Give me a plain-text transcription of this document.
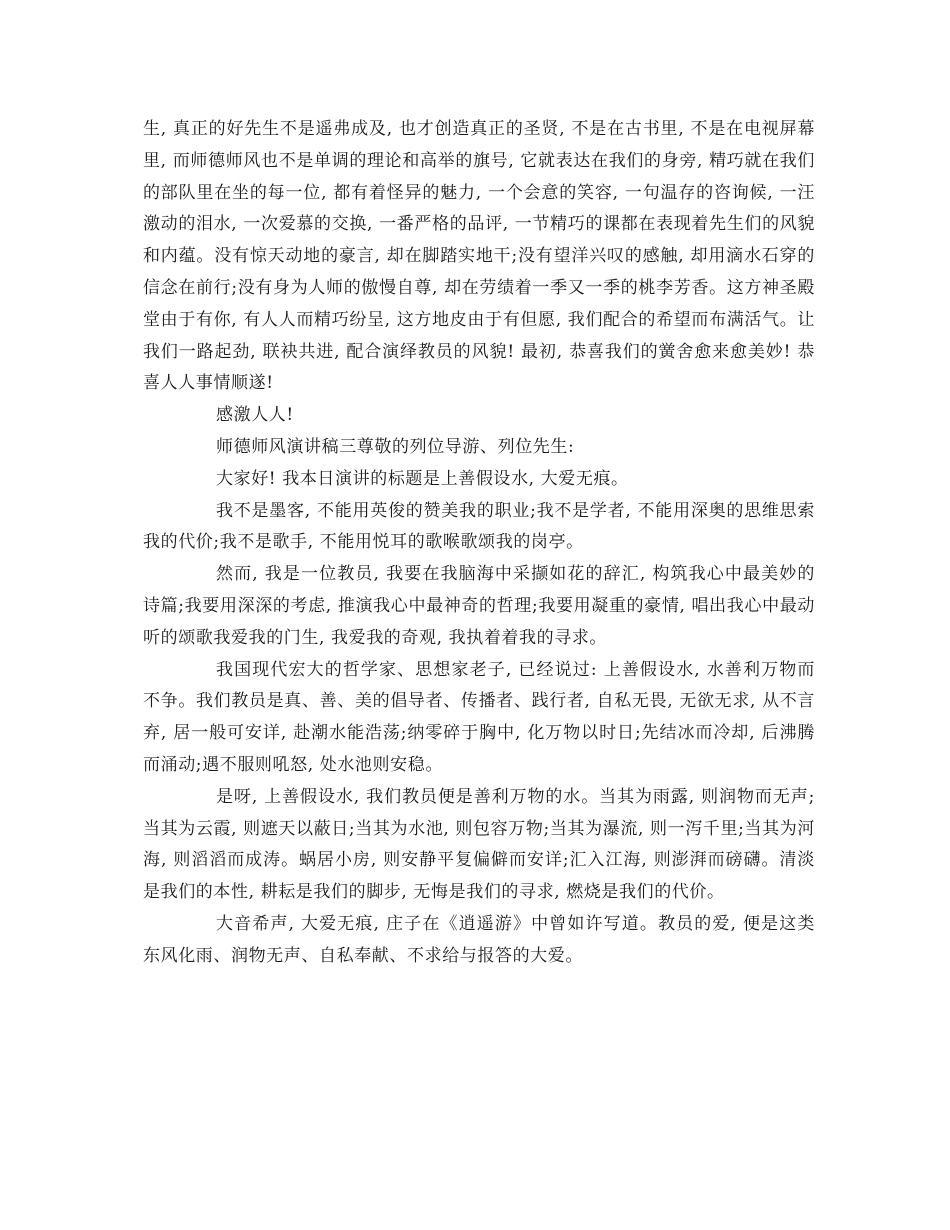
生, 真正的好先生不是遥弗成及, 也才创造真正的圣贤, 不是在古书里, 不是在电视屏幕里, 而师德师风也不是单调的理论和高举的旗号, 它就表达在我们的身旁, 精巧就在我们的部队里在坐的每一位, 都有着怪异的魅力, 一个会意的笑容, 一句温存的咨询候, 一汪激动的泪水, 一次爱慕的交换, 一番严格的品评, 一节精巧的课都在表现着先生们的风貌和内蕴。没有惊天动地的豪言, 却在脚踏实地干;没有望洋兴叹的感触, 却用滴水石穿的信念在前行;没有身为人师的傲慢自尊, 却在劳绩着一季又一季的桃李芳香。这方神圣殿堂由于有你, 有人人而精巧纷呈, 这方地皮由于有但愿, 我们配合的希望而布满活气。让我们一路起劲, 联袂共进, 配合演绎教员的风貌! 最初, 恭喜我们的黉舍愈来愈美妙! 恭喜人人事情顺遂!

感激人人!

师德师风演讲稿三尊敬的列位导游、列位先生:

大家好! 我本日演讲的标题是上善假设水, 大爱无痕。

我不是墨客, 不能用英俊的赞美我的职业;我不是学者, 不能用深奥的思维思索我的代价;我不是歌手, 不能用悦耳的歌喉歌颂我的岗亭。

然而, 我是一位教员, 我要在我脑海中采撷如花的辞汇, 构筑我心中最美妙的诗篇;我要用深深的考虑, 推演我心中最神奇的哲理;我要用凝重的豪情, 唱出我心中最动听的颂歌我爱我的门生, 我爱我的奇观, 我执着着我的寻求。

我国现代宏大的哲学家、思想家老子, 已经说过: 上善假设水, 水善利万物而不争。我们教员是真、善、美的倡导者、传播者、践行者, 自私无畏, 无欲无求, 从不言弃, 居一般可安详, 赴潮水能浩荡;纳零碎于胸中, 化万物以时日;先结冰而冷却, 后沸腾而涌动;遇不服则吼怒, 处水池则安稳。

是呀, 上善假设水, 我们教员便是善利万物的水。当其为雨露, 则润物而无声;当其为云霞, 则遮天以蔽日;当其为水池, 则包容万物;当其为瀑流, 则一泻千里;当其为河海, 则滔滔而成涛。蜗居小房, 则安静平复偏僻而安详;汇入江海, 则澎湃而磅礴。清淡是我们的本性, 耕耘是我们的脚步, 无悔是我们的寻求, 燃烧是我们的代价。

大音希声, 大爱无痕, 庄子在《逍遥游》中曾如许写道。教员的爱, 便是这类东风化雨、润物无声、自私奉献、不求给与报答的大爱。
